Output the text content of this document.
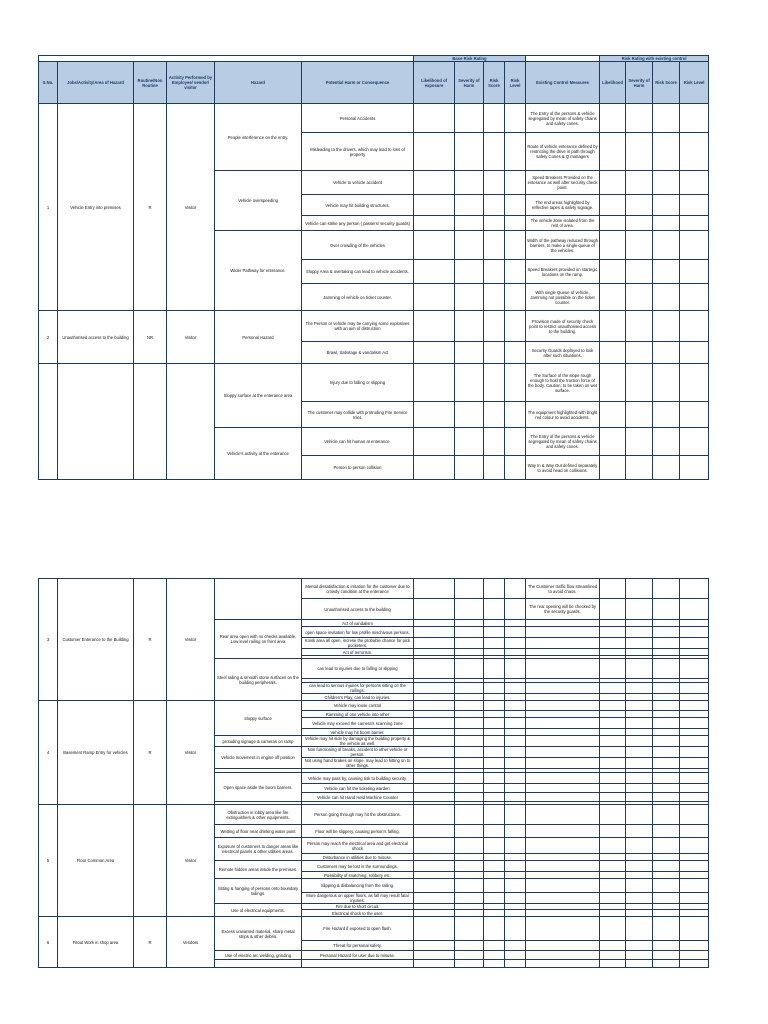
						Base Risk Rating					Risk Rating with existing control			
S.No.	Jobs/Activity/Area of Hazard	Routine/Non Routine	Activity Performed by Employee/ vendor/ visitor	Hazard	Potential Harm or Consequence	Likelihood of exposure	Severity of Harm	Risk Score	Risk Level	Existing Control Measures	Likelihood	Severity of Harm	Risk Score	Risk Level
1	Vehicle Entry into premises	R	Visitor	People interference on the entry.	Personal Accidents					The Entry of the persons & vehicle segregated by mean of safety chains and safety cones.				
					Misleading to the drivers, which may lead to loss of property					Route of vehicle enterance defined by restricting the drive in path through safety Cones & Q managers				
				Vehicle overspeeding	Vehicle to vehicle accident					Speed Breakers Provided on the enterance as well after security check point.				
					Vehicle may hit building structures.					The end areas highlighted by reflective tapes & safety signage.				
					Vehicle can strike any person ( passers/ security guards)					The vehicle zone isolated from the rest of area.				
				Wider Pathway for enterance.	Over crowding of the vehicles					Width of the pathway reduced through barriers, to make a single queue of the vehicles.				
					Sloppy Area & overtaking can lead to vehicle accidents.					Speed Breakers provided on startegic locations on the ramp.				
					Jamming of vehicle on ticket counter.					With single Queue of vehicle, Jamming not possible on the ticket counter.				
2	Unauthorised access to the building	NR	Visitor	Personal Hazard	The Person or vehicle may be carrying some explosives with an aim of distruction					Provision made of security check point to restrict unauthorised access to the building.				
					Brawl, Sabotage & vandalism Act					Security Guards deployed to look after such situations.				
				Sloppy surface at the enterance area	Injury due to falling or slipping					The Surface of the slope rough enough to hold the traction force of the body. Caution: to be taken on wet surface.				
					The customer may collide with protruding Fire Service Inlet.					The equipment highlighted with bright red colour to avoid accidents.				
				Vehicle's activity at the enterance	Vehicle can hit human at enterance.					The Entry of the persons & vehicle segregated by mean of safety chains and safety cones.				
					Person to person collision					Way In & Way Out defined separately to avoid head on collisions.				
3	Customer Enterance to the Building	R	Visitor		Mental dissatisfaction & irritation for the customer due to crowdy condition at the enterance					The Customer traffic flow streamlined to avoid chaos.				
					Unauthorised access to the building					The rear opening will be checked by the security guards.				
				Rear area open with no checks available, Low level railing on front area	Act of vandalism									
					open space invitation for low profile mischivous persons.									
					Koisk area all open, increse the probable chance for pick pocketers.									
					Act of terrorism.									

				Steel railing & smooth stone surfaces on the building peripherals.	can lead to injuries due to falling or slipping									

					can lead to serious injuries for persons sitting on the railings.									
					Children's Play, can lead to injuries.									
4	Basement Ramp Entry for vehicles	R	Visitor	Sloppy surface	Vehicle may loose control									
					Ramming of one vehicle into other									
					Vehicle may exceed the camera's scanning zone									
					Vehicle may hit boom barrier.									
				protuding signage & cameras on ramp	Vehicle may hit side by damaging the building property & the vehicle as well.									
				Vehicle movement in engine off position	Non functioning of breaks, accident to other vehicle or person.									
					Not using hand brakes on slope, may lead to hitting on to other things.									

				Open space aside the boom barriers.	Vehicle may pass by, causing risk to building security.									
					Vehicle can hit the ticketing warden.									
					Vehicle can hit Hand Held Machine Counter									

5	Floor Common Area		Visitor	Obstruction in lobby area like fire extinguishers & other equipments.	Person going through may hit the obstructions.									
				Wetting of floor near drinking water point	Floor will be slippery, causing person's falling.									
				Exposure of customers to danger areas like electrical panels & other utilities areas.	Person may reach the electrical area and get electrical shock									
					Disturbance in utilities due to misuse.									
				Remote hidden areas inside the premises.	Customers may be lost in the surroundings.									
					Possibility of snatching, robbery etc.									
				Sitting & hanging of persons onto boundary railings.	Slipping & disbalancing from the railing.									
					More dangerous on upper floors, as fall may result fatal injuries.									
				Use of electrical equipments.	Fire due to short circuit.									
					Electrical shock to the user.									
6	Fitout Work in shop area	R	Vendors	Excess unwanted material, sharp metal strips & other debris.	Fire Hazard if exposed to open flash.									
					Threat for personal safety.									
				Use of electric arc welding, grinding	Personal Hazard for user due to misuse.									
